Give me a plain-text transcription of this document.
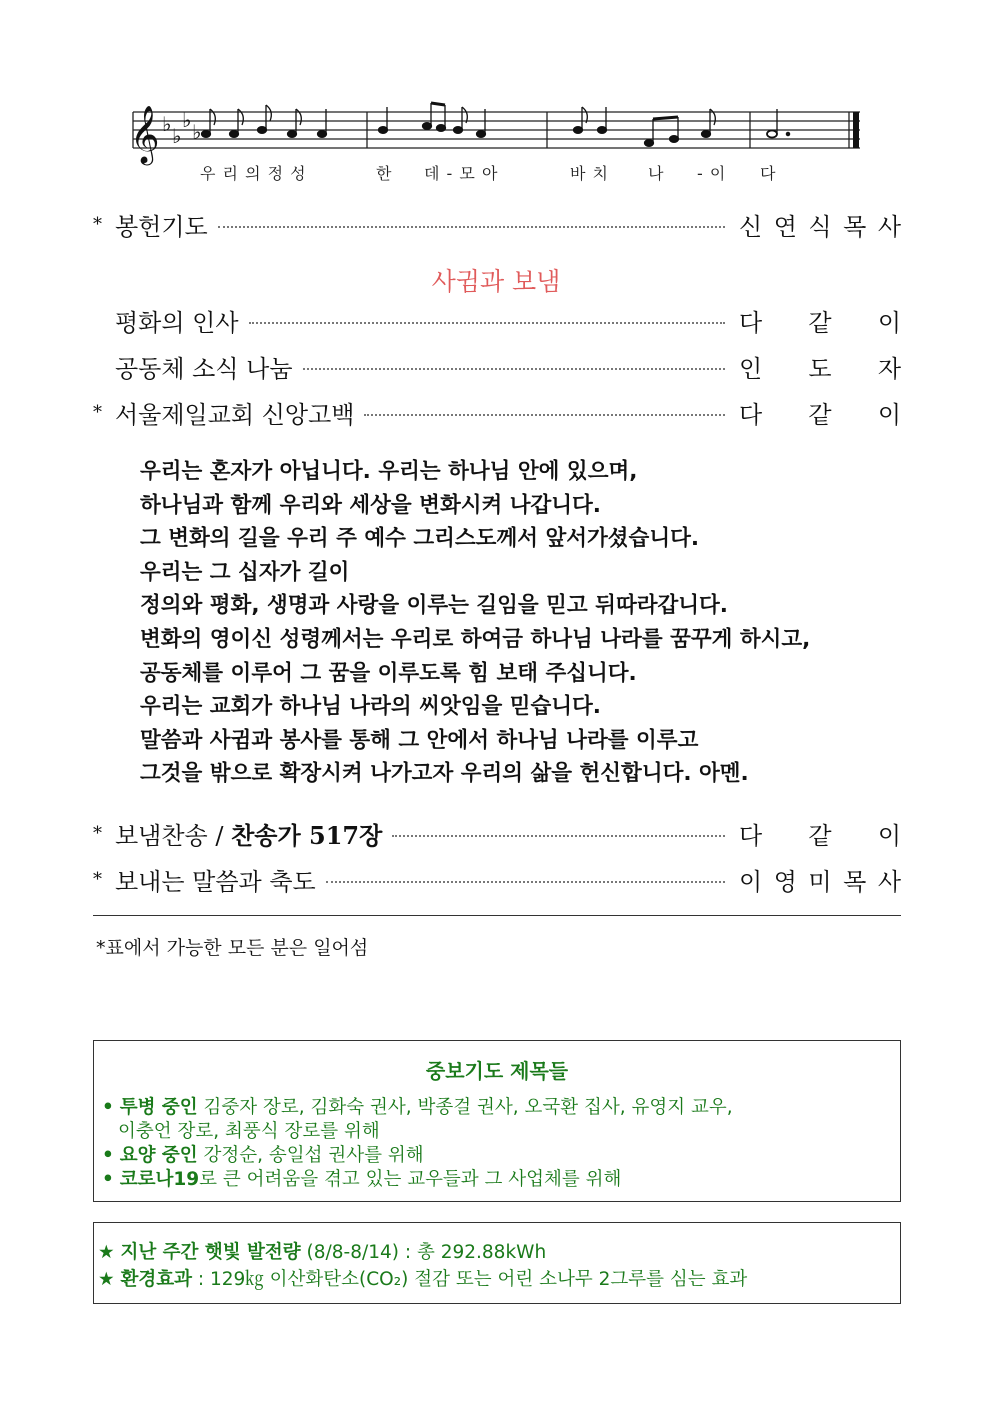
𝄞 ♭ ♭
♭ ♭
우 리 의 정 성	한 데 - 모 아	바 치 나 - 이 다
* 봉헌기도	신 연 식 목 사
사귐과 보냄
평화의 인사	다 같 이
공동체 소식 나눔	인 도 자
* 서울제일교회 신앙고백	다 같 이
우리는 혼자가 아닙니다. 우리는 하나님 안에 있으며,
하나님과 함께 우리와 세상을 변화시켜 나갑니다.
그 변화의 길을 우리 주 예수 그리스도께서 앞서가셨습니다.
우리는 그 십자가 길이
정의와 평화, 생명과 사랑을 이루는 길임을 믿고 뒤따라갑니다.
변화의 영이신 성령께서는 우리로 하여금 하나님 나라를 꿈꾸게 하시고,
공동체를 이루어 그 꿈을 이루도록 힘 보태 주십니다.
우리는 교회가 하나님 나라의 씨앗임을 믿습니다.
말씀과 사귐과 봉사를 통해 그 안에서 하나님 나라를 이루고
그것을 밖으로 확장시켜 나가고자 우리의 삶을 헌신합니다. 아멘.
* 보냄찬송 / 찬송가 517장	다 같 이
* 보내는 말씀과 축도	이 영 미 목 사
*표에서 가능한 모든 분은 일어섬
중보기도 제목들
• 투병 중인 김중자 장로, 김화숙 권사, 박종걸 권사, 오국환 집사, 유영지 교우,
이충언 장로, 최풍식 장로를 위해
• 요양 중인 강정순, 송일섭 권사를 위해
• 코로나19로 큰 어려움을 겪고 있는 교우들과 그 사업체를 위해
★ 지난 주간 햇빛 발전량 (8/8-8/14) : 총 292.88kWh
★ 환경효과 : 129㎏ 이산화탄소(CO₂) 절감 또는 어린 소나무 2그루를 심는 효과
